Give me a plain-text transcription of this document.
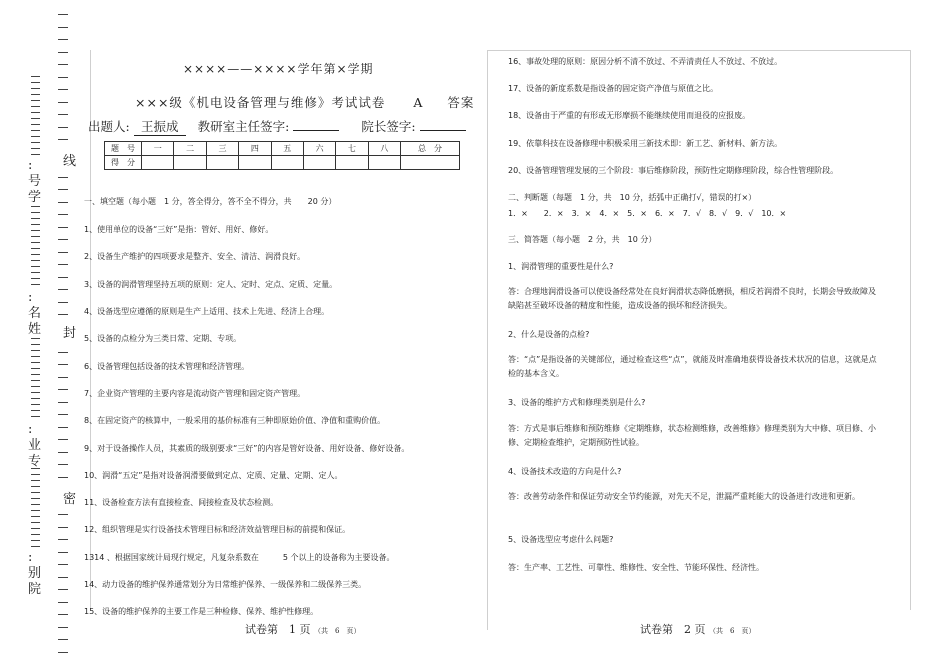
线
封
密
:号学
:名姓
:业专
:别院
××××——××××学年第×学期
×××级《机电设备管理与维修》考试试卷 A 答案
出题人: 王振成 教研室主任签字:	院长签字:
题　号	一	二	三	四	五	六	七	八	总　分
得　分									
一、填空题（每小题　1 分，答全得分，答不全不得分，共　　20 分）
1、使用单位的设备“三好”是指：管好、用好、修好。
2、设备生产维护的四项要求是整齐、安全、清洁、润滑良好。
3、设备的润滑管理坚持五项的原则：定人、定时、定点、定质、定量。
4、设备选型应遵循的原则是生产上适用、技术上先进、经济上合理。
5、设备的点检分为三类日常、定期、专项。
6、设备管理包括设备的技术管理和经济管理。
7、企业资产管理的主要内容是流动资产管理和固定资产管理。
8、在固定资产的核算中，一般采用的基价标准有三种即原始价值、净值和重购价值。
9、对于设备操作人员，其素质的级别要求“三好”的内容是管好设备、用好设备、修好设备。
10、润滑“五定”是指对设备润滑要做到定点、定质、定量、定期、定人。
11、设备检查方法有直接检查、间接检查及状态检测。
12、组织管理是实行设备技术管理目标和经济效益管理目标的前提和保证。
1314 、根据国家统计局现行规定，凡复杂系数在　　　5 个以上的设备称为主要设备。
14、动力设备的维护保养通常划分为日常维护保养、一级保养和二级保养三类。
15、设备的维护保养的主要工作是三种检修、保养、维护性修理。
试卷第　1 页 （共　6　页）
16、事故处理的原则：原因分析不清不放过、不弄清责任人不放过、不放过。
17、设备的新度系数是指设备的固定资产净值与原值之比。
18、设备由于严重的有形或无形摩损不能继续使用而退役的应报废。
19、依靠科技在设备修理中积极采用三新技术即：新工艺、新材料、新方法。
20、设备管理管理发展的三个阶段：事后维修阶段，预防性定期修理阶段，综合性管理阶段。
二、判断题（每题　1 分，共　10 分，括弧中正确打√，错误的打×）
1．×　　2．×　3．×　4．×　5．×　6．×　7．√　8．√　9．√　10．×
三、简答题（每小题　2 分，共　10 分）
1、润滑管理的重要性是什么?
答：合理地润滑设备可以使设备经常处在良好润滑状态降低磨损，相反若润滑不良时，长期会导致故障及缺陷甚至破坏设备的精度和性能，造成设备的损坏和经济损失。
2、什么是设备的点检?
答：“点”是指设备的关键部位，通过检查这些“点”，就能及时准确地获得设备技术状况的信息，这就是点检的基本含义。
3、设备的维护方式和修理类别是什么?
答：方式是事后维修和预防维修《定期维修，状态检测维修，改善维修》修理类别为大中修、项目修、小修、定期检查维护，定期预防性试验。
4、设备技术改造的方向是什么?
答：改善劳动条件和保证劳动安全节约能源，对先天不足，泄漏严重耗能大的设备进行改进和更新。
5、设备选型应考虑什么问题?
答：生产率、工艺性、可靠性、维修性、安全性、节能环保性、经济性。
试卷第　2 页 （共　6　页）
